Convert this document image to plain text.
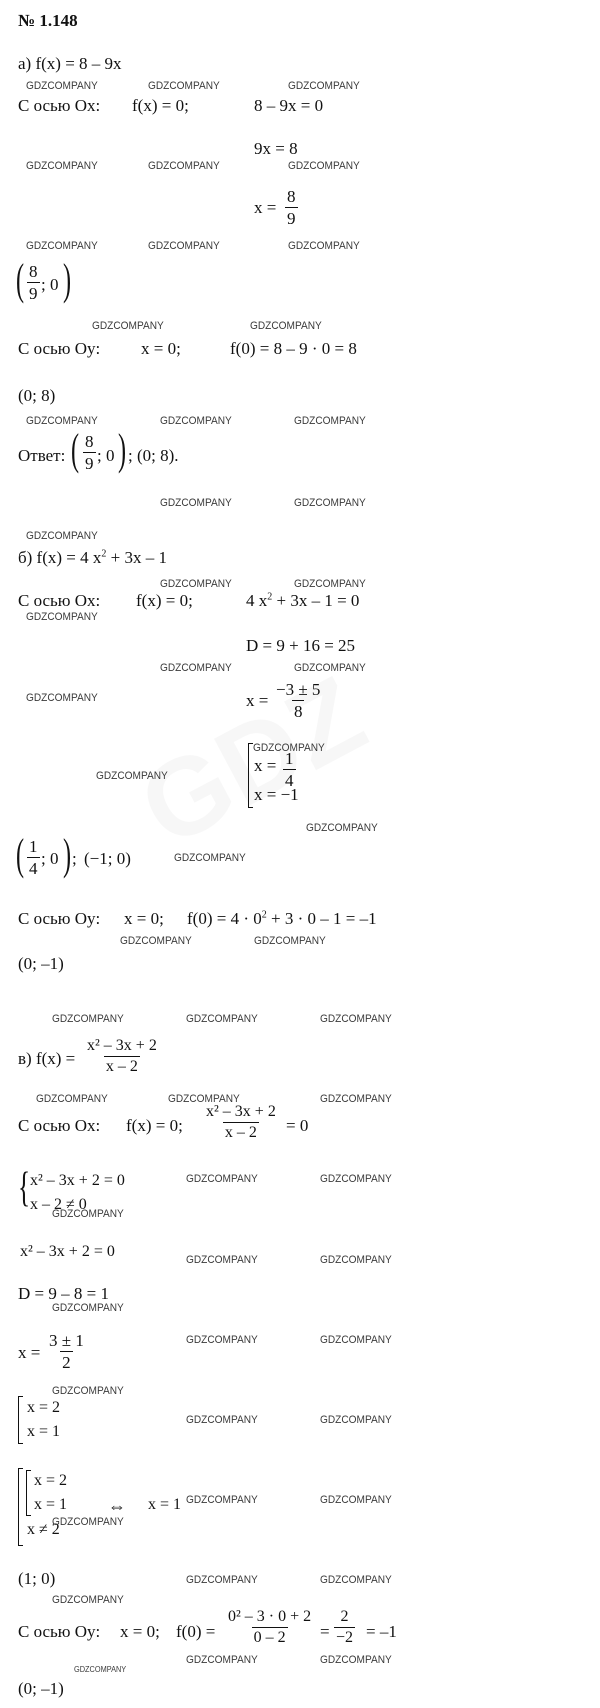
№ 1.148
а) f(x) = 8 – 9x
GDZCOMPANY	GDZCOMPANY	GDZCOMPANY
С осью Ox: f(x) = 0;	8 – 9x = 0
9x = 8
GDZCOMPANY	GDZCOMPANY	GDZCOMPANY
$x = \frac{8}{9}$
GDZCOMPANY	GDZCOMPANY	GDZCOMPANY
( $\frac{8}{9}$ ; 0 )
GDZCOMPANY	GDZCOMPANY
С осью Oy: x = 0;	f(0) = 8 – 9 · 0 = 8
(0; 8)
GDZCOMPANY	GDZCOMPANY	GDZCOMPANY
Ответ: ( $\frac{8}{9}$ ; 0 ) ; (0; 8).
GDZCOMPANY	GDZCOMPANY
GDZCOMPANY
б) f(x) = 4 $x^2 + 3x - 1$
GDZCOMPANY	GDZCOMPANY
С осью Ox: f(x) = 0;	4 $x^2 + 3x - 1 = 0$
GDZCOMPANY
D = 9 + 16 = 25
GDZCOMPANY	GDZCOMPANY
GDZCOMPANY	$x = \frac{-3 \pm 5}{8}$
GDZCOMPANY
$x = \frac{1}{4}$
x = −1
GDZCOMPANY
GDZCOMPANY
( $\frac{1}{4}$ ; 0 ) ; (−1; 0)	GDZCOMPANY
С осью Oy: x = 0; $f(0) = 4 \cdot 0^2 + 3 \cdot 0 - 1 = -1$
GDZCOMPANY	GDZCOMPANY
(0; –1)
GDZCOMPANY	GDZCOMPANY	GDZCOMPANY
в) $f(x) = \frac{\text{x² – 3x + 2}}{x - 2}$
GDZCOMPANY	GDZCOMPANY	GDZCOMPANY
С осью Ox: f(x) = 0; $\frac{\text{x² – 3x + 2}}{x - 2} = 0$
{ x² – 3x + 2 = 0
x – 2 ≠ 0
GDZCOMPANY	GDZCOMPANY
GDZCOMPANY
x² – 3x + 2 = 0	GDZCOMPANY	GDZCOMPANY
D = 9 – 8 = 1
GDZCOMPANY
$x = \frac{3 \pm 1}{2}$	GDZCOMPANY	GDZCOMPANY
GDZCOMPANY
x = 2
x = 1
GDZCOMPANY	GDZCOMPANY
x = 2
x = 1
x ≠ 2
⇔ x = 1 GDZCOMPANY	GDZCOMPANY
GDZCOMPANY
(1; 0)	GDZCOMPANY	GDZCOMPANY
GDZCOMPANY
С осью Oy: x = 0; $f(0) = \frac{\text{0² – 3 · 0 + 2}}{0 - 2} = \frac{2}{-2} = -1$
GDZCOMPANY	GDZCOMPANY
(0; –1)
GDZCOMPANY
